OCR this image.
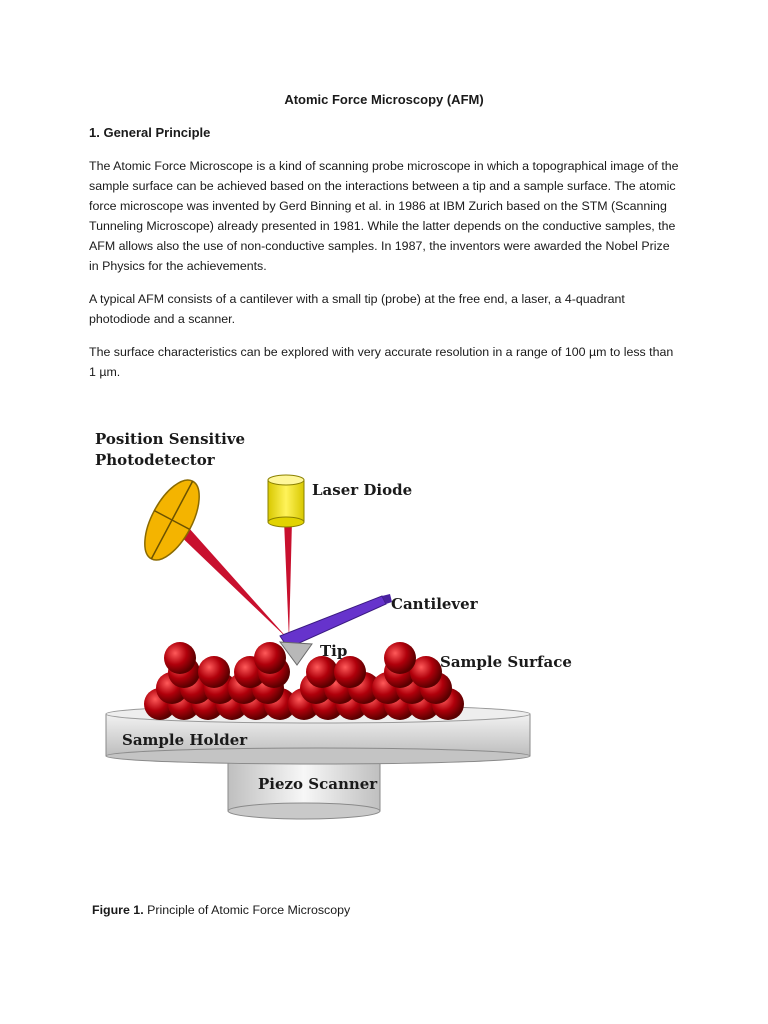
Atomic Force Microscopy (AFM)
1. General Principle

The Atomic Force Microscope is a kind of scanning probe microscope in which a topographical image of the sample surface can be achieved based on the interactions between a tip and a sample surface. The atomic force microscope was invented by Gerd Binning et al. in 1986 at IBM Zurich based on the STM (Scanning Tunneling Microscope) already presented in 1981. While the latter depends on the conductive samples, the AFM allows also the use of non-conductive samples. In 1987, the inventors were awarded the Nobel Prize in Physics for the achievements.

A typical AFM consists of a cantilever with a small tip (probe) at the free end, a laser, a 4-quadrant photodiode and a scanner.

The surface characteristics can be explored with very accurate resolution in a range of 100 µm to less than 1 µm.

Position Sensitive
Photodetector
Laser Diode
Cantilever
Tip
Sample Surface
Sample Holder
Piezo Scanner
Figure 1. Principle of Atomic Force Microscopy
